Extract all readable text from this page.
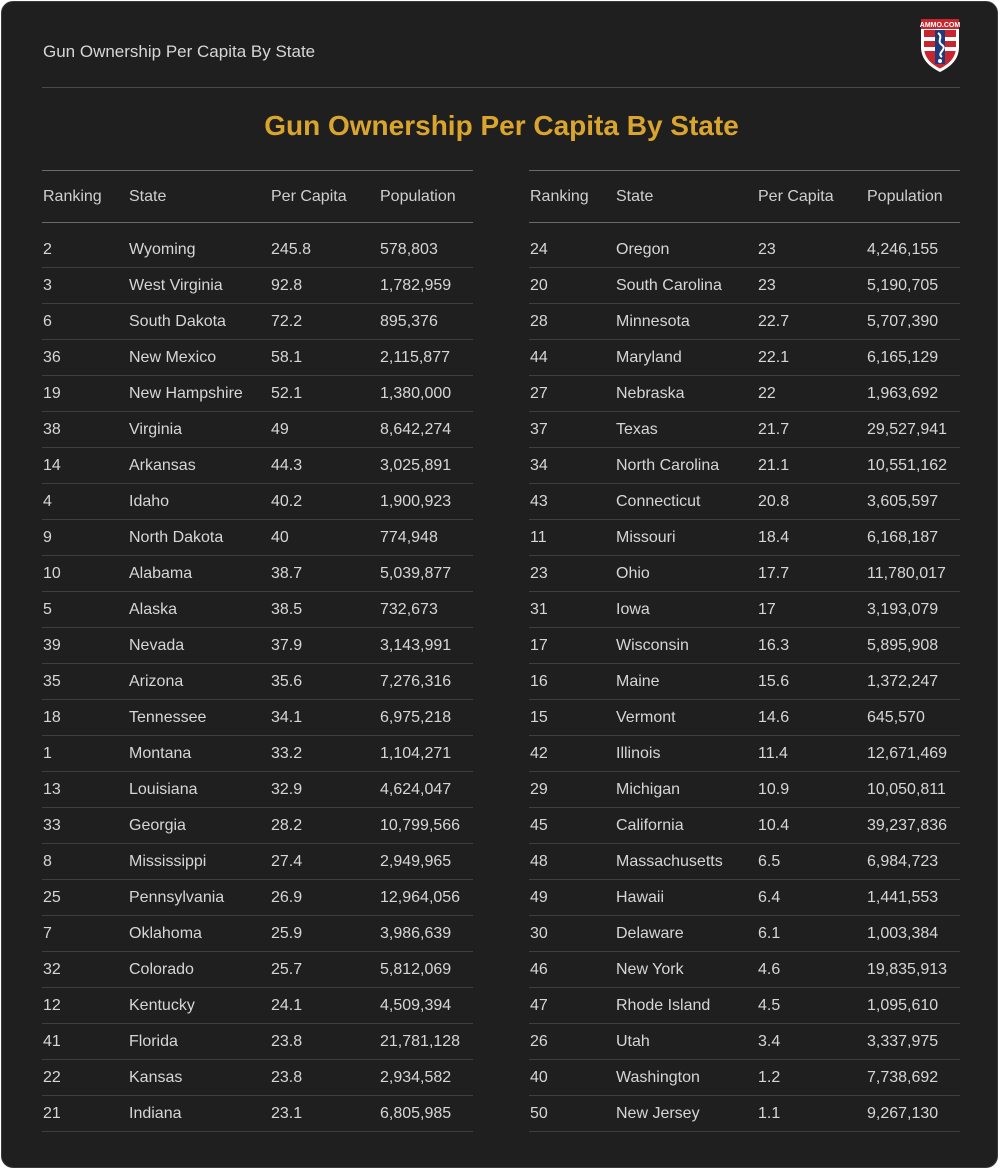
Gun Ownership Per Capita By State
AMMO.COM
Gun Ownership Per Capita By State
Ranking	State	Per Capita	Population
2	Wyoming	245.8	578,803
3	West Virginia	92.8	1,782,959
6	South Dakota	72.2	895,376
36	New Mexico	58.1	2,115,877
19	New Hampshire	52.1	1,380,000
38	Virginia	49	8,642,274
14	Arkansas	44.3	3,025,891
4	Idaho	40.2	1,900,923
9	North Dakota	40	774,948
10	Alabama	38.7	5,039,877
5	Alaska	38.5	732,673
39	Nevada	37.9	3,143,991
35	Arizona	35.6	7,276,316
18	Tennessee	34.1	6,975,218
1	Montana	33.2	1,104,271
13	Louisiana	32.9	4,624,047
33	Georgia	28.2	10,799,566
8	Mississippi	27.4	2,949,965
25	Pennsylvania	26.9	12,964,056
7	Oklahoma	25.9	3,986,639
32	Colorado	25.7	5,812,069
12	Kentucky	24.1	4,509,394
41	Florida	23.8	21,781,128
22	Kansas	23.8	2,934,582
21	Indiana	23.1	6,805,985
Ranking	State	Per Capita	Population
24	Oregon	23	4,246,155
20	South Carolina	23	5,190,705
28	Minnesota	22.7	5,707,390
44	Maryland	22.1	6,165,129
27	Nebraska	22	1,963,692
37	Texas	21.7	29,527,941
34	North Carolina	21.1	10,551,162
43	Connecticut	20.8	3,605,597
11	Missouri	18.4	6,168,187
23	Ohio	17.7	11,780,017
31	Iowa	17	3,193,079
17	Wisconsin	16.3	5,895,908
16	Maine	15.6	1,372,247
15	Vermont	14.6	645,570
42	Illinois	11.4	12,671,469
29	Michigan	10.9	10,050,811
45	California	10.4	39,237,836
48	Massachusetts	6.5	6,984,723
49	Hawaii	6.4	1,441,553
30	Delaware	6.1	1,003,384
46	New York	4.6	19,835,913
47	Rhode Island	4.5	1,095,610
26	Utah	3.4	3,337,975
40	Washington	1.2	7,738,692
50	New Jersey	1.1	9,267,130
